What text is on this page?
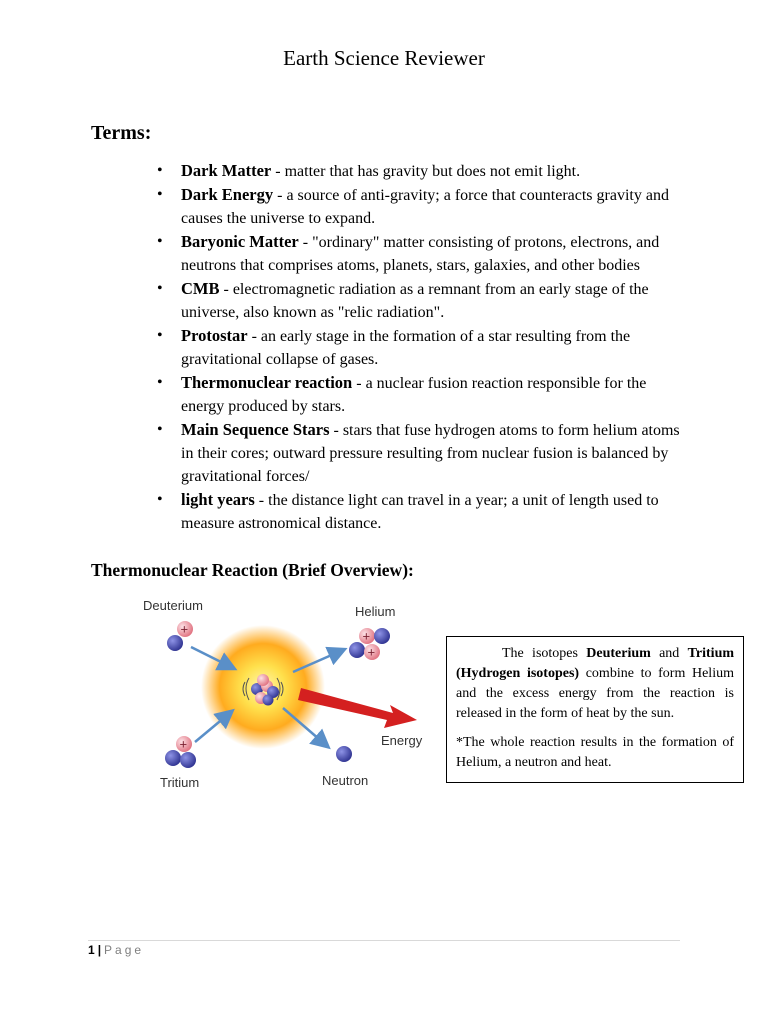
Earth Science Reviewer
Terms:
• Dark Matter - matter that has gravity but does not emit light.
• Dark Energy - a source of anti-gravity; a force that counteracts gravity and causes the universe to expand.
• Baryonic Matter - "ordinary" matter consisting of protons, electrons, and neutrons that comprises atoms, planets, stars, galaxies, and other bodies
• CMB - electromagnetic radiation as a remnant from an early stage of the universe, also known as "relic radiation".
• Protostar - an early stage in the formation of a star resulting from the gravitational collapse of gases.
• Thermonuclear reaction - a nuclear fusion reaction responsible for the energy produced by stars.
• Main Sequence Stars - stars that fuse hydrogen atoms to form helium atoms in their cores; outward pressure resulting from nuclear fusion is balanced by gravitational forces/
• light years - the distance light can travel in a year; a unit of length used to measure astronomical distance.
Thermonuclear Reaction (Brief Overview):
Deuterium
+
Helium
+
+
Energy
+
Tritium	Neutron

The isotopes Deuterium and Tritium (Hydrogen isotopes) combine to form Helium and the excess energy from the reaction is released in the form of heat by the sun.

*The whole reaction results in the formation of Helium, a neutron and heat.

1 | Page
